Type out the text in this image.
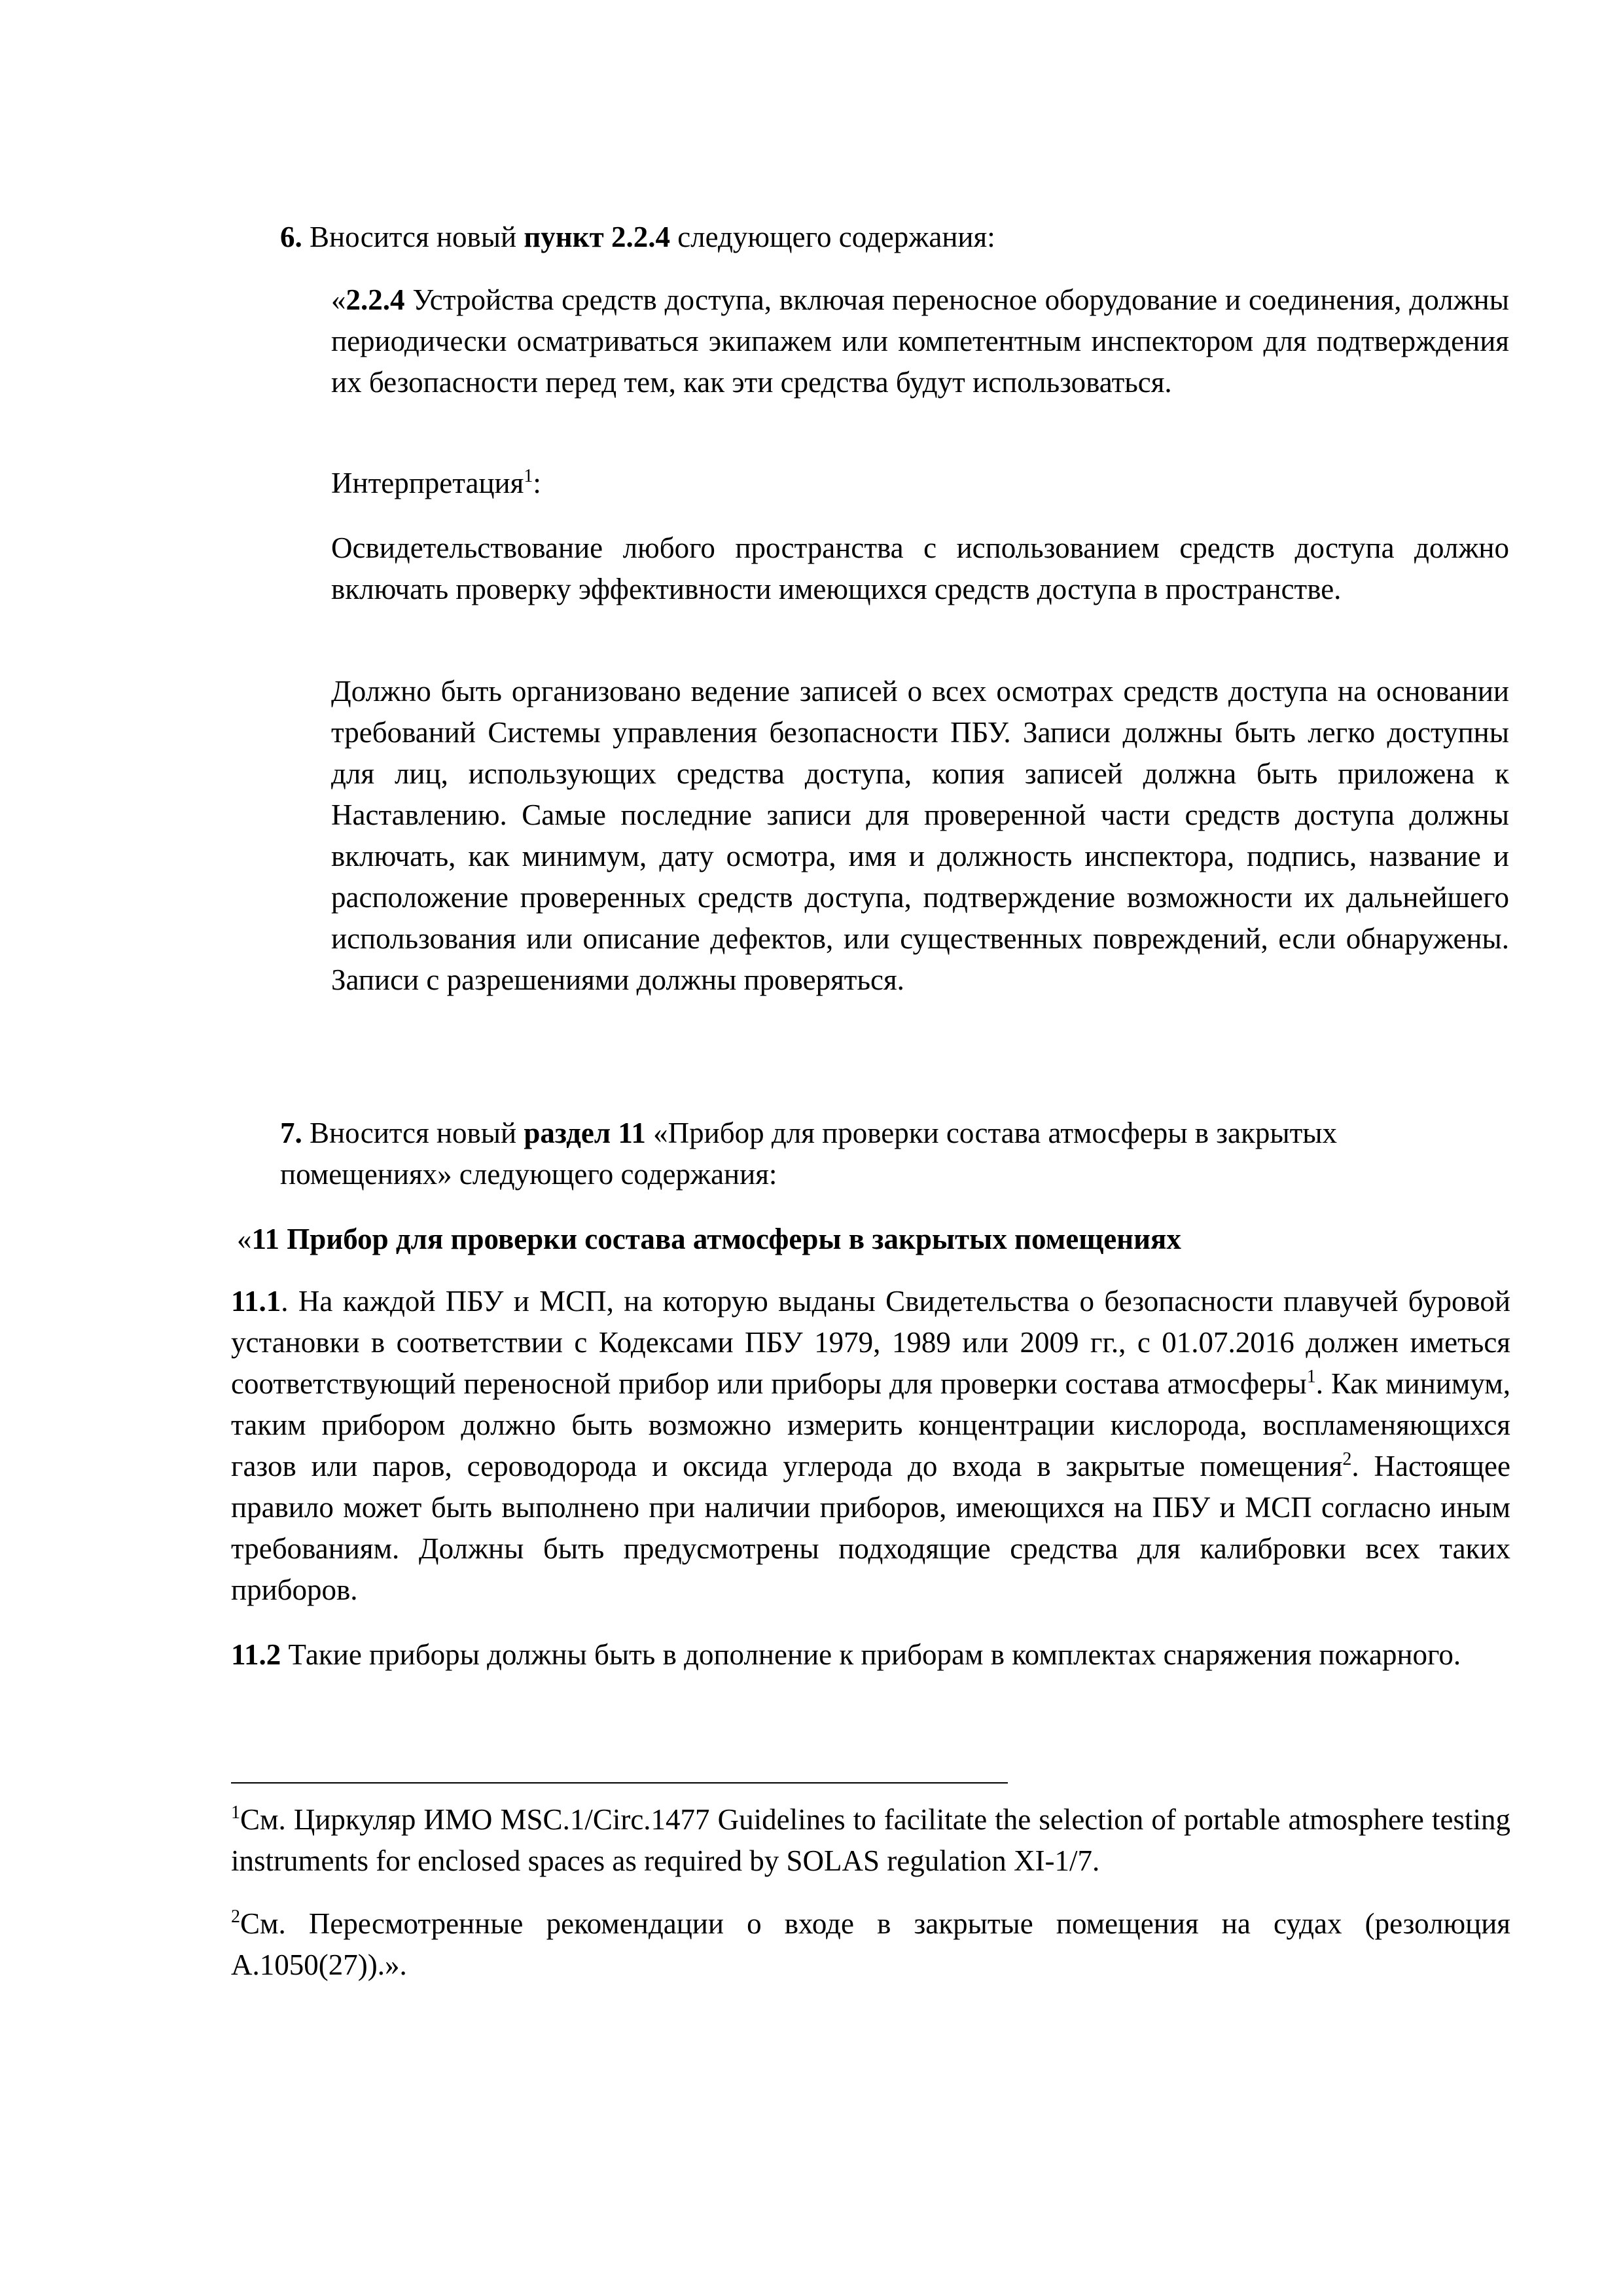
6. Вносится новый пункт 2.2.4 следующего содержания:

«2.2.4 Устройства средств доступа, включая переносное оборудование и соединения, должны периодически осматриваться экипажем или компетентным инспектором для подтверждения их безопасности перед тем, как эти средства будут использоваться.

Интерпретация$^1$:

Освидетельствование любого пространства с использованием средств доступа должно включать проверку эффективности имеющихся средств доступа в пространстве.

Должно быть организовано ведение записей о всех осмотрах средств доступа на основании требований Системы управления безопасности ПБУ. Записи должны быть легко доступны для лиц, использующих средства доступа, копия записей должна быть приложена к Наставлению. Самые последние записи для проверенной части средств доступа должны включать, как минимум, дату осмотра, имя и должность инспектора, подпись, название и расположение проверенных средств доступа, подтверждение возможности их дальнейшего использования или описание дефектов, или существенных повреждений, если обнаружены. Записи с разрешениями должны проверяться.

7. Вносится новый раздел 11 «Прибор для проверки состава атмосферы в закрытых помещениях» следующего содержания:

«11 Прибор для проверки состава атмосферы в закрытых помещениях

11.1. На каждой ПБУ и МСП, на которую выданы Свидетельства о безопасности плавучей буровой установки в соответствии с Кодексами ПБУ 1979, 1989 или 2009 гг., с 01.07.2016 должен иметься соответствующий переносной прибор или приборы для проверки состава атмосферы$^1$. Как минимум, таким прибором должно быть возможно измерить концентрации кислорода, воспламеняющихся газов или паров, сероводорода и оксида углерода до входа в закрытые помещения$^2$. Настоящее правило может быть выполнено при наличии приборов, имеющихся на ПБУ и МСП согласно иным требованиям. Должны быть предусмотрены подходящие средства для калибровки всех таких приборов.

11.2 Такие приборы должны быть в дополнение к приборам в комплектах снаряжения пожарного.

$^1$См. Циркуляр ИМО MSC.1/Circ.1477 Guidelines to facilitate the selection of portable atmosphere testing instruments for enclosed spaces as required by SOLAS regulation XI-1/7.

$^2$См. Пересмотренные рекомендации о входе в закрытые помещения на судах (резолюция А.1050(27)).».
